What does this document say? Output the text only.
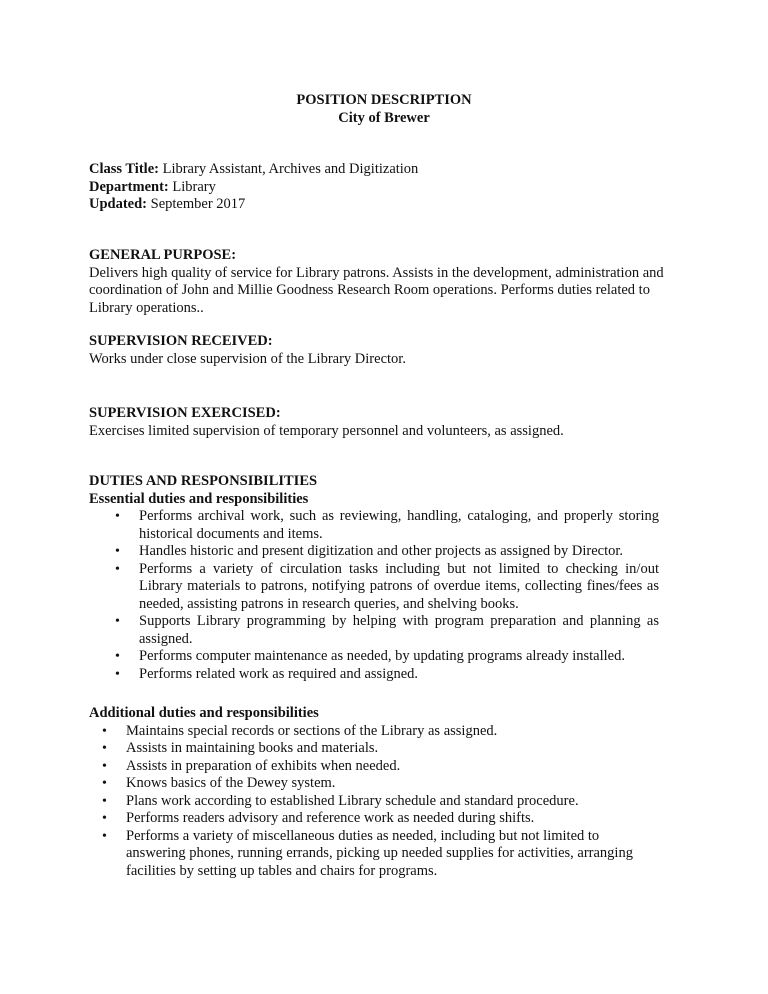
POSITION DESCRIPTION
City of Brewer

Class Title: Library Assistant, Archives and Digitization

Department: Library

Updated: September 2017

GENERAL PURPOSE:

Delivers high quality of service for Library patrons. Assists in the development, administration and coordination of John and Millie Goodness Research Room operations. Performs duties related to Library operations..

SUPERVISION RECEIVED:

Works under close supervision of the Library Director.

SUPERVISION EXERCISED:

Exercises limited supervision of temporary personnel and volunteers, as assigned.

DUTIES AND RESPONSIBILITIES

Essential duties and responsibilities

• Performs archival work, such as reviewing, handling, cataloging, and properly storing historical documents and items.
• Handles historic and present digitization and other projects as assigned by Director.
• Performs a variety of circulation tasks including but not limited to checking in/out Library materials to patrons, notifying patrons of overdue items, collecting fines/fees as needed, assisting patrons in research queries, and shelving books.
• Supports Library programming by helping with program preparation and planning as assigned.
• Performs computer maintenance as needed, by updating programs already installed.
• Performs related work as required and assigned.

Additional duties and responsibilities

• Maintains special records or sections of the Library as assigned.
• Assists in maintaining books and materials.
• Assists in preparation of exhibits when needed.
• Knows basics of the Dewey system.
• Plans work according to established Library schedule and standard procedure.
• Performs readers advisory and reference work as needed during shifts.
• Performs a variety of miscellaneous duties as needed, including but not limited to answering phones, running errands, picking up needed supplies for activities, arranging facilities by setting up tables and chairs for programs.
